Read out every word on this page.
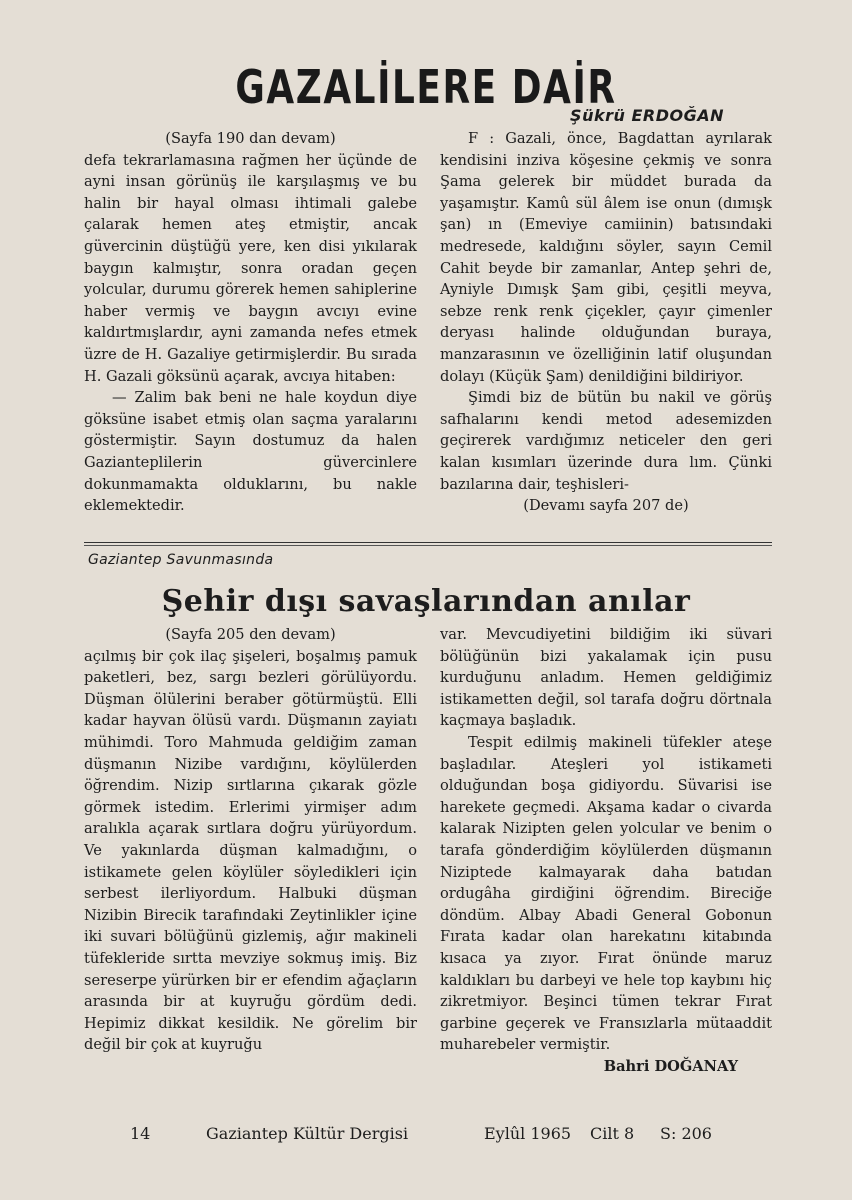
GAZALİLERE DAİR
Şükrü ERDOĞAN

(Sayfa 190 dan devam)

defa tekrarlamasına rağmen her üçünde de ayni insan görünüş ile karşılaşmış ve bu halin bir hayal olması ihtimali galebe çalarak hemen ateş etmiştir, ancak güvercinin düştüğü yere, ken disi yıkılarak baygın kalmıştır, sonra oradan geçen yolcular, durumu görerek hemen sahiplerine haber vermiş ve baygın avcıyı evine kaldırtmışlardır, ayni zamanda nefes etmek üzre de H. Gazaliye getirmişlerdir. Bu sırada H. Gazali göksünü açarak, avcıya hitaben:

— Zalim bak beni ne hale koydun diye göksüne isabet etmiş olan saçma yaralarını göstermiştir. Sayın dostumuz da halen Gazianteplilerin güvercinlere dokunmamakta olduklarını, bu nakle eklemektedir.

F : Gazali, önce, Bagdattan ayrılarak kendisini inziva köşesine çekmiş ve sonra Şama gelerek bir müddet burada da yaşamıştır. Kamû sül âlem ise onun (dımışk şan) ın (Emeviye camiinin) batısındaki medresede, kaldığını söyler, sayın Cemil Cahit beyde bir zamanlar, Antep şehri de, Ayniyle Dımışk Şam gibi, çeşitli meyva, sebze renk renk çiçekler, çayır çimenler deryası halinde olduğundan buraya, manzarasının ve özelliğinin latif oluşundan dolayı (Küçük Şam) denildiğini bildiriyor.

Şimdi biz de bütün bu nakil ve görüş safhalarını kendi metod adesemizden geçirerek vardığımız neticeler den geri kalan kısımları üzerinde dura lım. Çünki bazılarına dair, teşhisleri-

(Devamı sayfa 207 de)

Gaziantep Savunmasında
Şehir dışı savaşlarından anılar

(Sayfa 205 den devam)

açılmış bir çok ilaç şişeleri, boşalmış pamuk paketleri, bez, sargı bezleri görülüyordu. Düşman ölülerini beraber götürmüştü. Elli kadar hayvan ölüsü vardı. Düşmanın zayiatı mühimdi. Toro Mahmuda geldiğim zaman düşmanın Nizibe vardığını, köylülerden öğrendim. Nizip sırtlarına çıkarak gözle görmek istedim. Erlerimi yirmişer adım aralıkla açarak sırtlara doğru yürüyordum. Ve yakınlarda düşman kalmadığını, o istikamete gelen köylüler söyledikleri için serbest ilerliyordum. Halbuki düşman Nizibin Birecik tarafındaki Zeytinlikler içine iki suvari bölüğünü gizlemiş, ağır makineli tüfekleride sırtta mevziye sokmuş imiş. Biz sereserpe yürürken bir er efendim ağaçların arasında bir at kuyruğu gördüm dedi. Hepimiz dikkat kesildik. Ne görelim bir değil bir çok at kuyruğu

var. Mevcudiyetini bildiğim iki süvari bölüğünün bizi yakalamak için pusu kurduğunu anladım. Hemen geldiğimiz istikametten değil, sol tarafa doğru dörtnala kaçmaya başladık.

Tespit edilmiş makineli tüfekler ateşe başladılar. Ateşleri yol istikameti olduğundan boşa gidiyordu. Süvarisi ise harekete geçmedi. Akşama kadar o civarda kalarak Nizipten gelen yolcular ve benim o tarafa gönderdiğim köylülerden düşmanın Niziptede kalmayarak daha batıdan ordugâha girdiğini öğrendim. Bireciğe döndüm. Albay Abadi General Gobonun Fırata kadar olan harekatını kitabında kısaca ya zıyor. Fırat önünde maruz kaldıkları bu darbeyi ve hele top kaybını hiç zikretmiyor. Beşinci tümen tekrar Fırat garbine geçerek ve Fransızlarla mütaaddit muharebeler vermiştir.

Bahri DOĞANAY

14	Gaziantep Kültür Dergisi	Eylûl 1965 Cilt 8 S: 206
